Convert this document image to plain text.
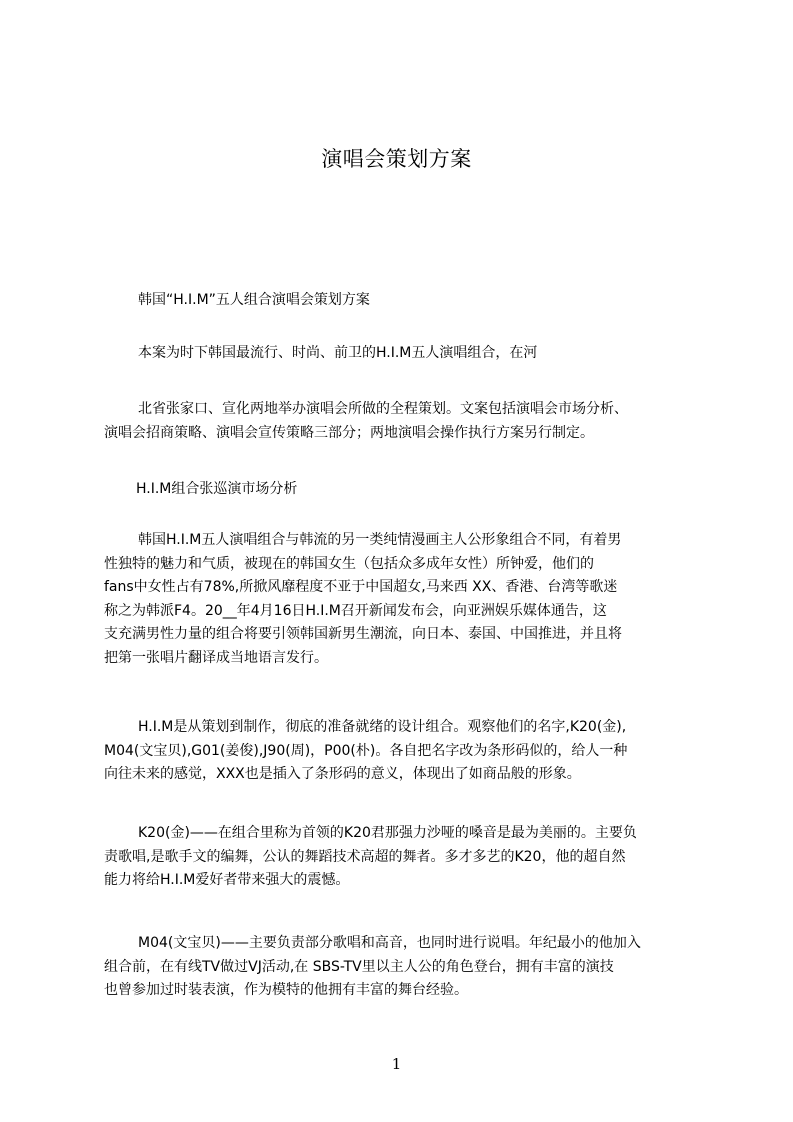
演唱会策划方案
韩国“H.I.M”五人组合演唱会策划方案
本案为时下韩国最流行、时尚、前卫的H.I.M五人演唱组合，在河
北省张家口、宣化两地举办演唱会所做的全程策划。文案包括演唱会市场分析、
演唱会招商策略、演唱会宣传策略三部分；两地演唱会操作执行方案另行制定。
H.I.M组合张巡演市场分析
韩国H.I.M五人演唱组合与韩流的另一类纯情漫画主人公形象组合不同，有着男
性独特的魅力和气质，被现在的韩国女生（包括众多成年女性）所钟爱，他们的
fans中女性占有78%,所掀风靡程度不亚于中国超女,马来西 XX、香港、台湾等歌迷
称之为韩派F4。20__年4月16日H.I.M召开新闻发布会，向亚洲娱乐媒体通告，这
支充满男性力量的组合将要引领韩国新男生潮流，向日本、泰国、中国推进，并且将
把第一张唱片翻译成当地语言发行。
H.I.M是从策划到制作，彻底的准备就绪的设计组合。观察他们的名字,K20(金),
M04(文宝贝),G01(姜俊),J90(周)，P00(朴)。各自把名字改为条形码似的，给人一种
向往未来的感觉，XXX也是插入了条形码的意义，体现出了如商品般的形象。
K20(金)——在组合里称为首领的K20君那强力沙哑的嗓音是最为美丽的。主要负
责歌唱,是歌手文的编舞，公认的舞蹈技术高超的舞者。多才多艺的K20，他的超自然
能力将给H.I.M爱好者带来强大的震憾。
M04(文宝贝)——主要负责部分歌唱和高音，也同时进行说唱。年纪最小的他加入
组合前，在有线TV做过VJ活动,在 SBS-TV里以主人公的角色登台，拥有丰富的演技
也曾参加过时装表演，作为模特的他拥有丰富的舞台经验。
1
